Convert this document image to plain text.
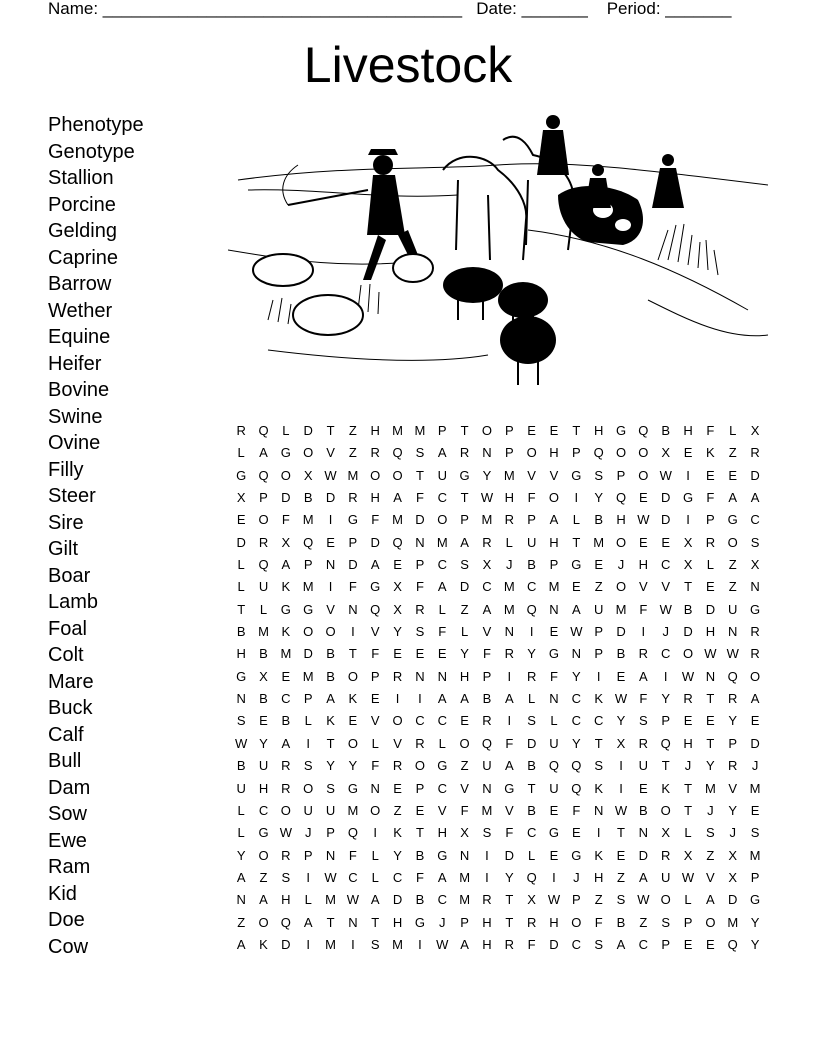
Name: ______________________________________ Date: _______ Period: _______
Livestock
Phenotype
Genotype
Stallion
Porcine
Gelding
Caprine
Barrow
Wether
Equine
Heifer
Bovine
Swine
Ovine
Filly
Steer
Sire
Gilt
Boar
Lamb
Foal
Colt
Mare
Buck
Calf
Bull
Dam
Sow
Ewe
Ram
Kid
Doe
Cow
R Q	L	D	T	Z	H M M P	T	O P	E	E	T	H G Q B	H	F	L	X
L	A G O V	Z	R Q S	A	R N	P O H	P Q O O X	E	K	Z	R
G Q O X W M O O	T	U G Y M V	V G S	P O W	I	E	E	D
X	P	D	B	D R H	A	F	C	T W H	F	O	I	Y Q E	D G	F	A	A
E O	F M	I	G	F M D O P M R	P	A	L	B	H W D	I	P G C
D R	X Q E	P	D Q N M A	R	L	U H	T M O E	E	X	R O S
L	Q A	P	N D	A	E	P	C	S	X	J	B	P G E	J	H C	X	L	Z	X
L	U	K M	I	F	G X	F	A	D C M C M E	Z	O V	V	T	E	Z	N
T	L	G G V	N Q X	R	L	Z	A M Q N	A	U M F W B	D U G
B M K O O	I	V	Y	S	F	L	V	N	I	E W P	D	I	J	D H N R
H	B M D	B	T	F	E	E	E	Y	F	R	Y G N	P	B	R C O W W R
G X	E M B O P	R N N H	P	I	R	F	Y	I	E	A	I	W N Q O
N	B	C	P	A	K	E	I	I	A	A	B	A	L	N C	K W F	Y	R	T	R	A
S	E	B	L	K	E	V O C C	E	R	I	S	L	C C	Y	S	P	E	E	Y	E
W Y	A	I	T	O	L	V	R	L	O Q	F	D U	Y	T	X	R Q H	T	P	D
B	U R	S	Y	Y	F	R O G	Z	U	A	B Q Q S	I	U	T	J	Y	R	J
U H R O S G N	E	P	C	V	N G	T	U Q K	I	E	K	T M V M
L	C O U U M O	Z	E	V	F M V	B	E	F	N W B O	T	J	Y	E
L	G W J	P Q	I	K	T	H	X	S	F	C G E	I	T	N	X	L	S	J	S
Y O R	P	N	F	L	Y	B G N	I	D	L	E G K	E	D R	X	Z	X M
A	Z	S	I	W C	L	C	F	A M	I	Y Q	I	J	H	Z	A	U W V	X	P
N	A	H	L	M W A	D	B	C M R	T	X W P	Z	S W O	L	A	D G
Z	O Q A	T	N	T	H G	J	P	H	T	R H O	F	B	Z	S	P O M Y
A	K	D	I	M	I	S M	I	W A	H R	F	D C	S	A	C	P	E	E Q Y
